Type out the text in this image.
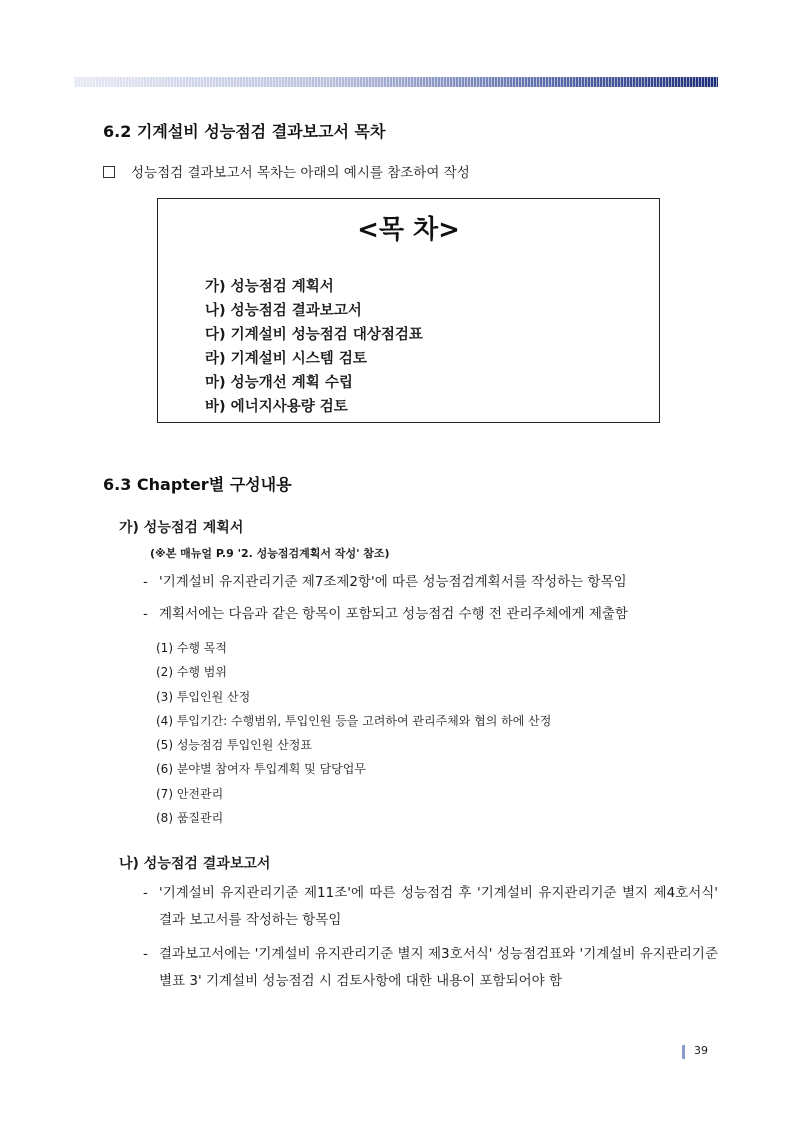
6.2 기계설비 성능점검 결과보고서 목차
성능점검 결과보고서 목차는 아래의 예시를 참조하여 작성
<목 차>
가) 성능점검 계획서
나) 성능점검 결과보고서
다) 기계설비 성능점검 대상점검표
라) 기계설비 시스템 검토
마) 성능개선 계획 수립
바) 에너지사용량 검토
6.3 Chapter별 구성내용
가) 성능점검 계획서
(※본 매뉴얼 P.9 '2. 성능점검계획서 작성' 참조)
- '기계설비 유지관리기준 제7조제2항'에 따른 성능점검계획서를 작성하는 항목임
- 계획서에는 다음과 같은 항목이 포함되고 성능점검 수행 전 관리주체에게 제출함
(1) 수행 목적
(2) 수행 범위
(3) 투입인원 산정
(4) 투입기간: 수행범위, 투입인원 등을 고려하여 관리주체와 협의 하에 산정
(5) 성능점검 투입인원 산정표
(6) 분야별 참여자 투입계획 및 담당업무
(7) 안전관리
(8) 품질관리
나) 성능점검 결과보고서
- '기계설비 유지관리기준 제11조'에 따른 성능점검 후 '기계설비 유지관리기준 별지 제4호서식' 결과 보고서를 작성하는 항목임
- 결과보고서에는 '기계설비 유지관리기준 별지 제3호서식' 성능점검표와 '기계설비 유지관리기준 별표 3' 기계설비 성능점검 시 검토사항에 대한 내용이 포함되어야 함
39
